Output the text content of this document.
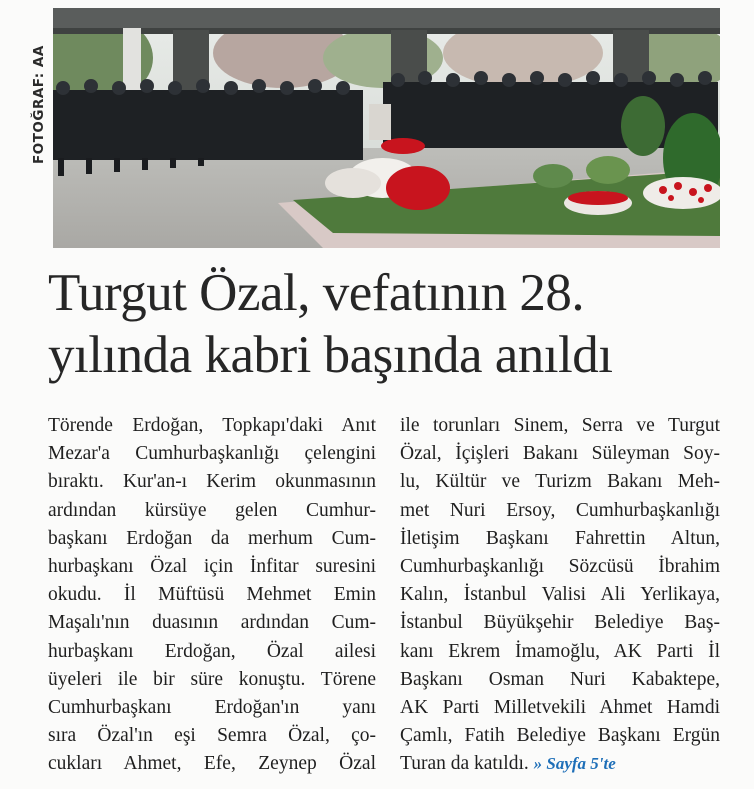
FOTOĞRAF: AA
Turgut Özal, vefatının 28.
yılında kabri başında anıldı
Törende Erdoğan, Topkapı'daki Anıt
Mezar'a Cumhurbaşkanlığı çelengini
bıraktı. Kur'an-ı Kerim okunmasının
ardından kürsüye gelen Cumhur-
başkanı Erdoğan da merhum Cum-
hurbaşkanı Özal için İnfitar suresini
okudu. İl Müftüsü Mehmet Emin
Maşalı'nın duasının ardından Cum-
hurbaşkanı Erdoğan, Özal ailesi
üyeleri ile bir süre konuştu. Törene
Cumhurbaşkanı Erdoğan'ın yanı
sıra Özal'ın eşi Semra Özal, ço-
cukları Ahmet, Efe, Zeynep Özal
ile torunları Sinem, Serra ve Turgut
Özal, İçişleri Bakanı Süleyman Soy-
lu, Kültür ve Turizm Bakanı Meh-
met Nuri Ersoy, Cumhurbaşkanlığı
İletişim Başkanı Fahrettin Altun,
Cumhurbaşkanlığı Sözcüsü İbrahim
Kalın, İstanbul Valisi Ali Yerlikaya,
İstanbul Büyükşehir Belediye Baş-
kanı Ekrem İmamoğlu, AK Parti İl
Başkanı Osman Nuri Kabaktepe,
AK Parti Milletvekili Ahmet Hamdi
Çamlı, Fatih Belediye Başkanı Ergün
Turan da katıldı. » Sayfa 5'te
